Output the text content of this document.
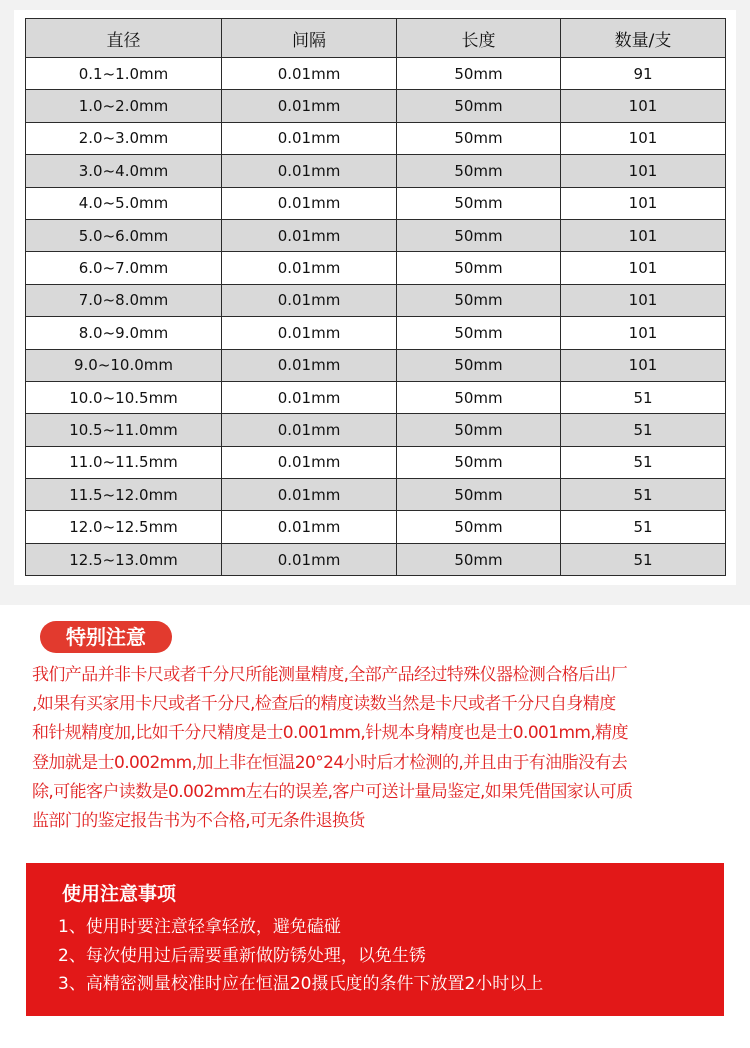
直径	间隔	长度	数量/支
0.1~1.0mm	0.01mm	50mm	91
1.0~2.0mm	0.01mm	50mm	101
2.0~3.0mm	0.01mm	50mm	101
3.0~4.0mm	0.01mm	50mm	101
4.0~5.0mm	0.01mm	50mm	101
5.0~6.0mm	0.01mm	50mm	101
6.0~7.0mm	0.01mm	50mm	101
7.0~8.0mm	0.01mm	50mm	101
8.0~9.0mm	0.01mm	50mm	101
9.0~10.0mm	0.01mm	50mm	101
10.0~10.5mm	0.01mm	50mm	51
10.5~11.0mm	0.01mm	50mm	51
11.0~11.5mm	0.01mm	50mm	51
11.5~12.0mm	0.01mm	50mm	51
12.0~12.5mm	0.01mm	50mm	51
12.5~13.0mm	0.01mm	50mm	51
特别注意

我们产品并非卡尺或者千分尺所能测量精度,全部产品经过特殊仪器检测合格后出厂

,如果有买家用卡尺或者千分尺,检查后的精度读数当然是卡尺或者千分尺自身精度

和针规精度加,比如千分尺精度是士0.001mm,针规本身精度也是士0.001mm,精度

登加就是士0.002mm,加上非在恒温20°24小时后才检测的,并且由于有油脂没有去

除,可能客户读数是0.002mm左右的误差,客户可送计量局鉴定,如果凭借国家认可质

监部门的鉴定报告书为不合格,可无条件退换货

使用注意事项
1、使用时要注意轻拿轻放，避免磕碰
2、每次使用过后需要重新做防锈处理，以免生锈
3、高精密测量校准时应在恒温20摄氏度的条件下放置2小时以上
